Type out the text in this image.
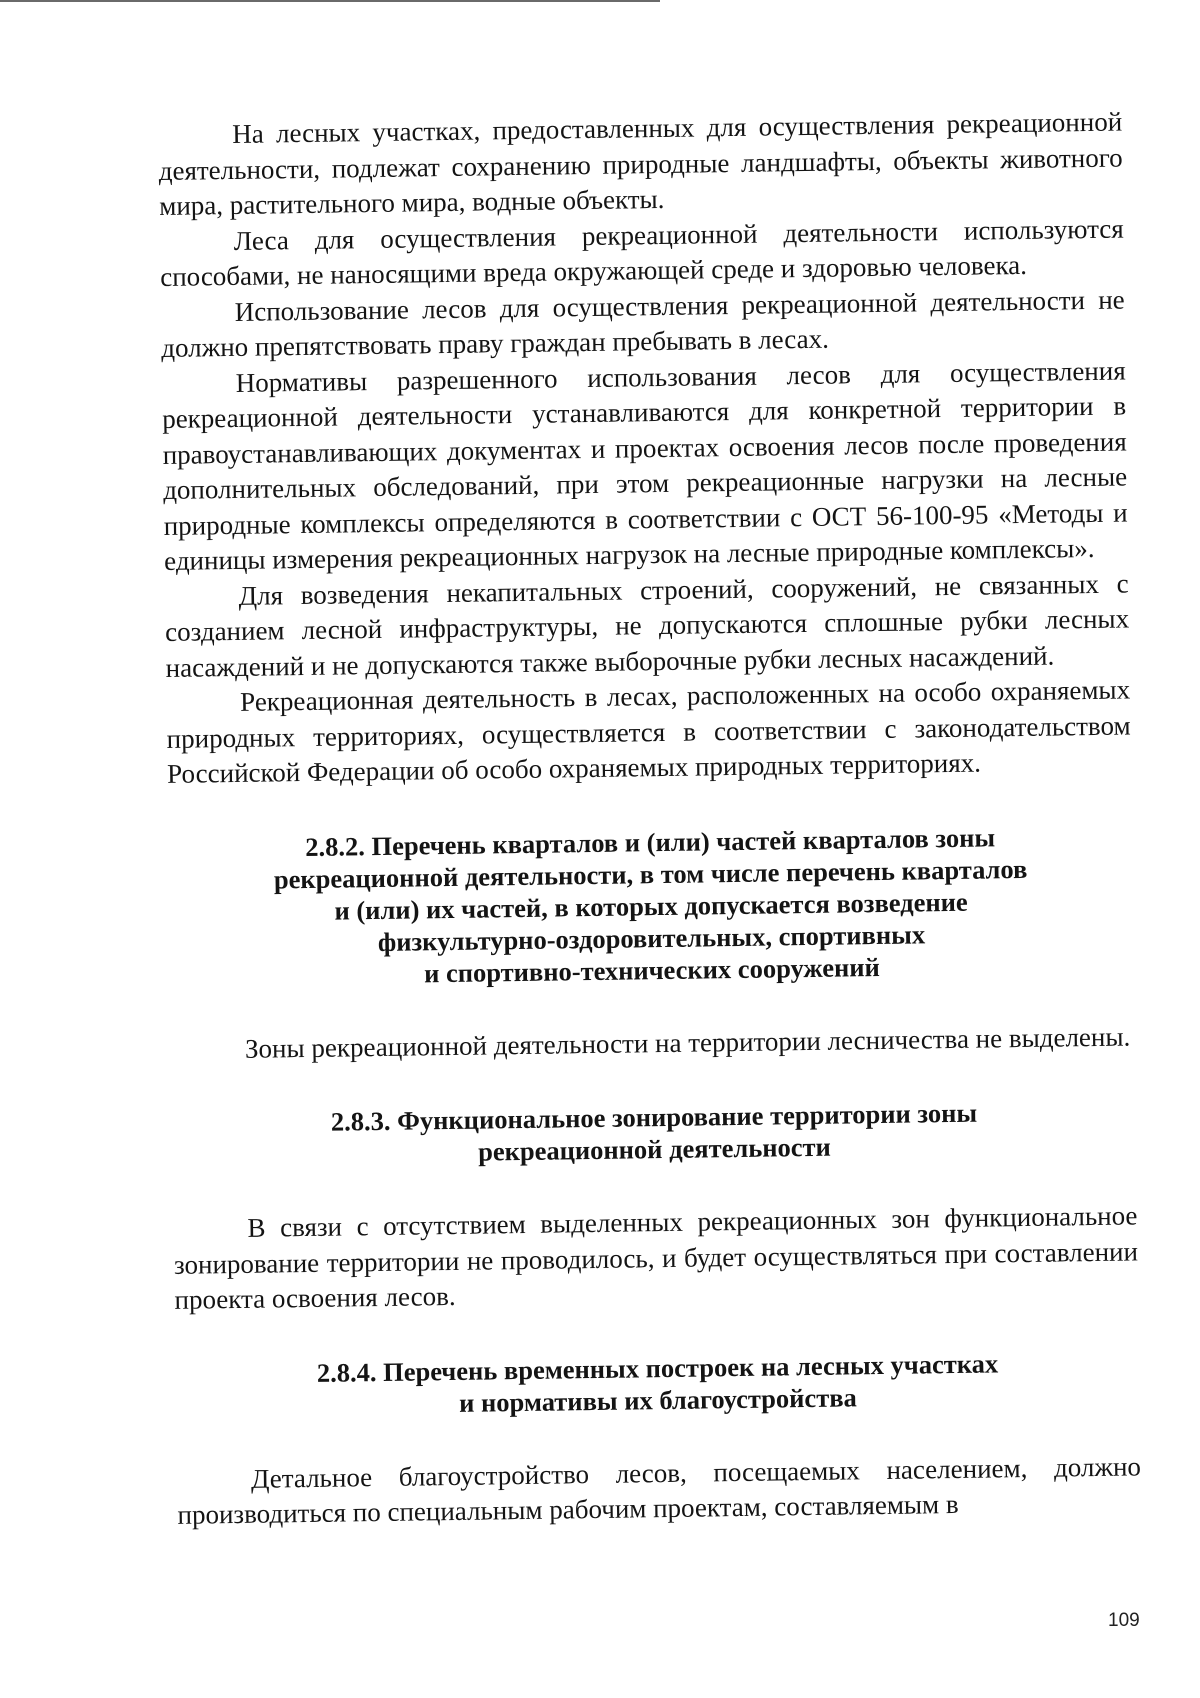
На лесных участках, предоставленных для осуществления рекреационной деятельности, подлежат сохранению природные ландшафты, объекты животного мира, растительного мира, водные объекты.

Леса для осуществления рекреационной деятельности используются способами, не наносящими вреда окружающей среде и здоровью человека.

Использование лесов для осуществления рекреационной деятельности не должно препятствовать праву граждан пребывать в лесах.

Нормативы разрешенного использования лесов для осуществления рекреационной деятельности устанавливаются для конкретной территории в правоустанавливающих документах и проектах освоения лесов после проведения дополнительных обследований, при этом рекреационные нагрузки на лесные природные комплексы определяются в соответствии с ОСТ 56-100-95 «Методы и единицы измерения рекреационных нагрузок на лесные природные комплексы».

Для возведения некапитальных строений, сооружений, не связанных с созданием лесной инфраструктуры, не допускаются сплошные рубки лесных насаждений и не допускаются также выборочные рубки лесных насаждений.

Рекреационная деятельность в лесах, расположенных на особо охраняемых природных территориях, осуществляется в соответствии с законодательством Российской Федерации об особо охраняемых природных территориях.

2.8.2. Перечень кварталов и (или) частей кварталов зоны
рекреационной деятельности, в том числе перечень кварталов
и (или) их частей, в которых допускается возведение
физкультурно-оздоровительных, спортивных
и спортивно-технических сооружений

Зоны рекреационной деятельности на территории лесничества не выделены.

2.8.3. Функциональное зонирование территории зоны
рекреационной деятельности

В связи с отсутствием выделенных рекреационных зон функциональное зонирование территории не проводилось, и будет осуществляться при составлении проекта освоения лесов.

2.8.4. Перечень временных построек на лесных участках
и нормативы их благоустройства

Детальное благоустройство лесов, посещаемых населением, должно производиться по специальным рабочим проектам, составляемым в

109
